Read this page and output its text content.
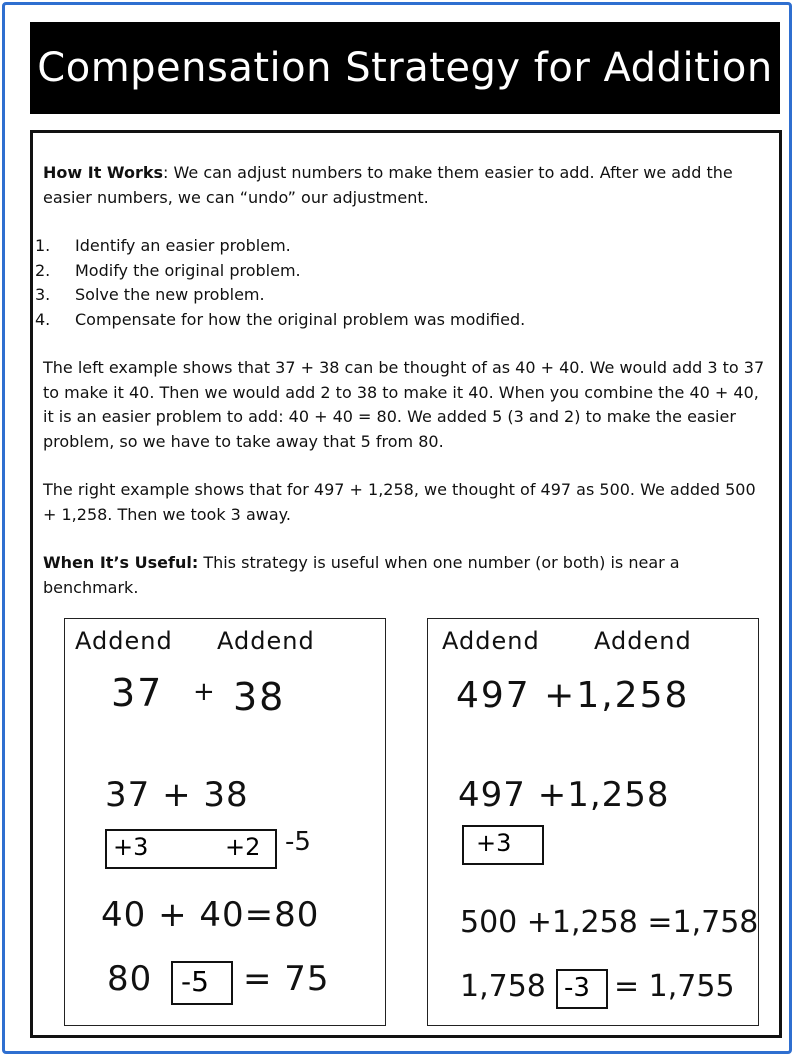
Compensation Strategy for Addition

How It Works: We can adjust numbers to make them easier to add. After we add the easier numbers, we can “undo” our adjustment.

1.	Identify an easier problem.
2.	Modify the original problem.
3.	Solve the new problem.
4.	Compensate for how the original problem was modified.

The left example shows that 37 + 38 can be thought of as 40 + 40. We would add 3 to 37 to make it 40. Then we would add 2 to 38 to make it 40. When you combine the 40 + 40, it is an easier problem to add: 40 + 40 = 80. We added 5 (3 and 2) to make the easier problem, so we have to take away that 5 from 80.

The right example shows that for 497 + 1,258, we thought of 497 as 500. We added 500 + 1,258. Then we took 3 away.

When It’s Useful: This strategy is useful when one number (or both) is near a benchmark.

Addend Addend
37 + 38
37 + 38
+3	+2 -5
40 + 40=80
80 -5 = 75
Addend Addend
497 +1,258
497 +1,258
+3
500 +1,258 =1,758
1,758 -3 = 1,755
